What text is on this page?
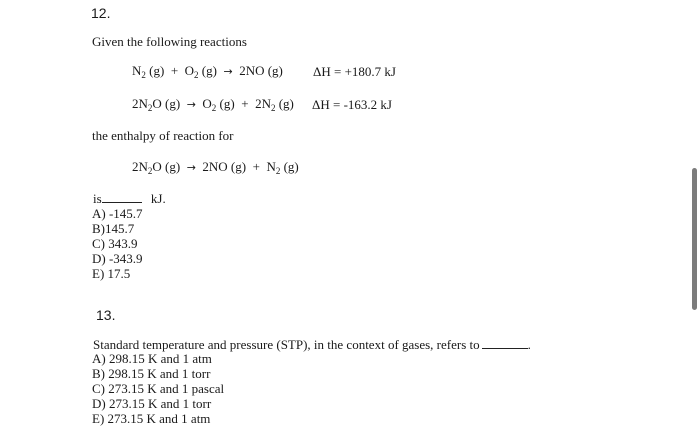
12.
Given the following reactions
$N_2$ $(g) + O_2$ (g) → 2NO (g) ΔH = +180.7 kJ
$2N_2O$ $(g) \to O_2$ $(g) + 2N_2$ (g) ΔH = -163.2 kJ
the enthalpy of reaction for
$2N_2O$ (g) → 2NO $(g) + N_2$ (g)
is	kJ.
A) -145.7
B)145.7
C) 343.9
D) -343.9
E) 17.5
13.
Standard temperature and pressure (STP), in the context of gases, refers to	.
A) 298.15 K and 1 atm
B) 298.15 K and 1 torr
C) 273.15 K and 1 pascal
D) 273.15 K and 1 torr
E) 273.15 K and 1 atm
